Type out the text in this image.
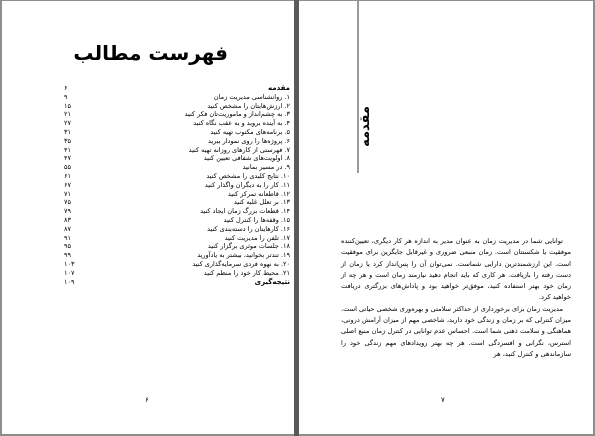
فهرست مطالب
مقدمه
۶
۱. روانشناسی مدیریت زمان
۹
۲. ارزش‌هایتان را مشخص کنید
۱۵
۳. به چشم‌انداز و ماموریت‌تان فکر کنید
۲۱
۴. به آینده بروید و به عقب نگاه کنید
۲۷
۵. برنامه‌های مکتوب تهیه کنید
۳۱
۶. پروژه‌ها را روی نمودار ببرید
۳۵
۷. فهرستی از کارهای روزانه تهیه کنید
۴۱
۸. اولویت‌های شفافی تعیین کنید
۴۷
۹. در مسیر بمانید
۵۵
۱۰. نتایج کلیدی را مشخص کنید
۶۱
۱۱. کار را به دیگران واگذار کنید
۶۷
۱۲. قاطعانه تمرکز کنید
۷۱
۱۳. بر تعلل غلبه کنید
۷۵
۱۴. قطعات بزرگ زمان ایجاد کنید
۷۹
۱۵. وقفه‌ها را کنترل کنید
۸۳
۱۶. کارهایتان را دسته‌بندی کنید
۸۷
۱۷. تلفن را مدیریت کنید
۹۱
۱۸. جلسات موثری برگزار کنید
۹۵
۱۹. تندتر بخوانید، بیشتر به یادآورید
۹۹
۲۰. به نهوه فردی سرمایه‌گذاری کنید
۱۰۳
۲۱. محیط کار خود را منظم کنید
۱۰۷
نتیجه‌گیری
۱۰۹
۶
مقدمه

توانایی شما در مدیریت زمان به عنوان مدیر به اندازه هر کار دیگری، تعیین‌کننده موفقیت یا شکستتان است. زمان منبعی ضروری و غیرقابل جایگزین برای موفقیت است. این ارزشمندترین دارایی شماست. نمی‌توان آن را پس‌انداز کرد یا زمان از دست رفته را بازیافت. هر کاری که باید انجام دهید نیازمند زمان است و هر چه از زمان خود بهتر استفاده کنید، موفق‌تر خواهید بود و پاداش‌های بزرگتری دریافت خواهید کرد.

مدیریت زمان برای برخورداری از حداکثر سلامتی و بهره‌وری شخصی حیاتی است. میزان کنترلی که بر زمان و زندگی خود دارید، شاخصی مهم از میزان آرامش درونی، هماهنگی و سلامت ذهنی شما است. احساس عدم توانایی در کنترل زمان منبع اصلی استرس، نگرانی و افسردگی است. هر چه بهتر رویدادهای مهم زندگی خود را سازماندهی و کنترل کنید، هر

۷
